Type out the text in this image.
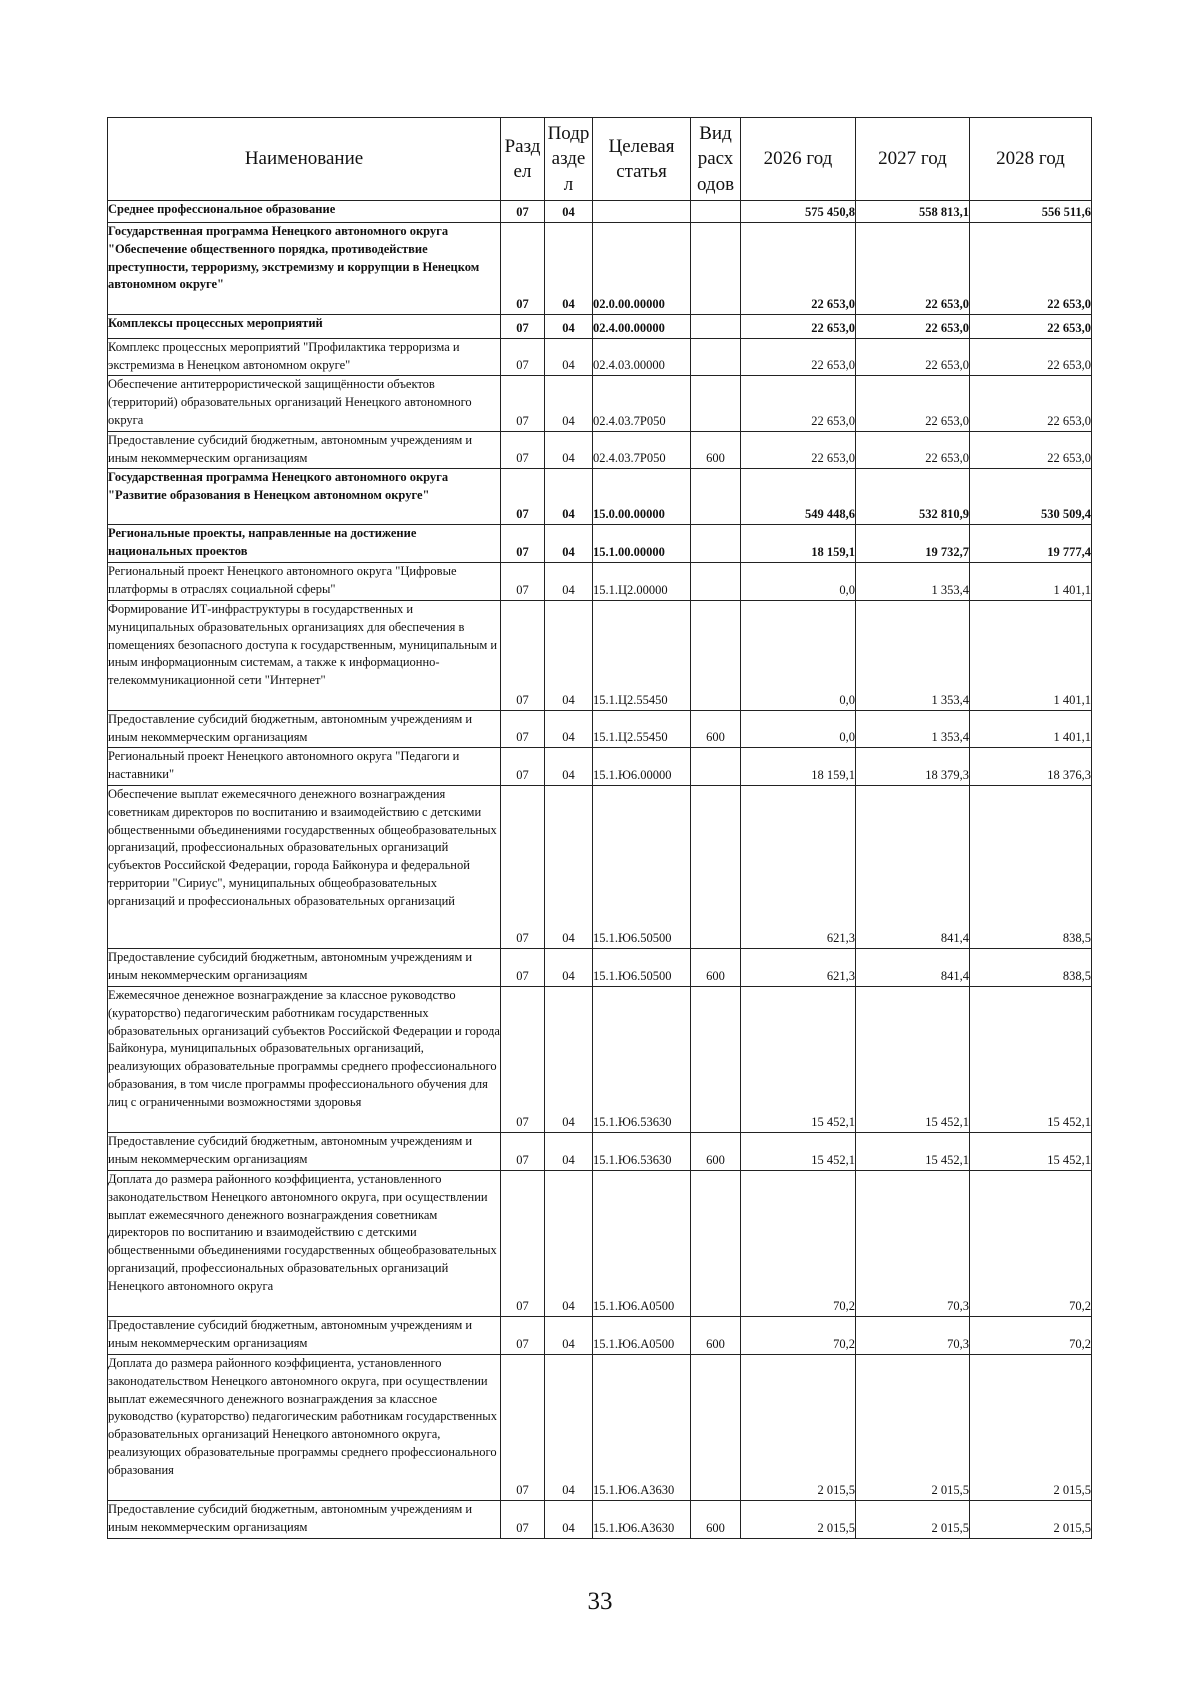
Наименование	Разд ел	Подр азде л	Целевая статья	Вид расх одов	2026 год	2027 год	2028 год
Среднее профессиональное образование	07	04			575 450,8	558 813,1	556 511,6
Государственная программа Ненецкого автономного округа "Обеспечение общественного порядка, противодействие преступности, терроризму, экстремизму и коррупции в Ненецком автономном округе"	07	04	02.0.00.00000		22 653,0	22 653,0	22 653,0
Комплексы процессных мероприятий	07	04	02.4.00.00000		22 653,0	22 653,0	22 653,0
Комплекс процессных мероприятий "Профилактика терроризма и экстремизма в Ненецком автономном округе"	07	04	02.4.03.00000		22 653,0	22 653,0	22 653,0
Обеспечение антитеррористической защищённости объектов (территорий) образовательных организаций Ненецкого автономного округа	07	04	02.4.03.7Р050		22 653,0	22 653,0	22 653,0
Предоставление субсидий бюджетным, автономным учреждениям и иным некоммерческим организациям	07	04	02.4.03.7Р050	600	22 653,0	22 653,0	22 653,0
Государственная программа Ненецкого автономного округа "Развитие образования в Ненецком автономном округе"	07	04	15.0.00.00000		549 448,6	532 810,9	530 509,4
Региональные проекты, направленные на достижение национальных проектов	07	04	15.1.00.00000		18 159,1	19 732,7	19 777,4
Региональный проект Ненецкого автономного округа "Цифровые платформы в отраслях социальной сферы"	07	04	15.1.Ц2.00000		0,0	1 353,4	1 401,1
Формирование ИТ-инфраструктуры в государственных и муниципальных образовательных организациях для обеспечения в помещениях безопасного доступа к государственным, муниципальным и иным информационным системам, а также к информационно-телекоммуникационной сети "Интернет"	07	04	15.1.Ц2.55450		0,0	1 353,4	1 401,1
Предоставление субсидий бюджетным, автономным учреждениям и иным некоммерческим организациям	07	04	15.1.Ц2.55450	600	0,0	1 353,4	1 401,1
Региональный проект Ненецкого автономного округа "Педагоги и наставники"	07	04	15.1.Ю6.00000		18 159,1	18 379,3	18 376,3
Обеспечение выплат ежемесячного денежного вознаграждения советникам директоров по воспитанию и взаимодействию с детскими общественными объединениями государственных общеобразовательных организаций, профессиональных образовательных организаций субъектов Российской Федерации, города Байконура и федеральной территории "Сириус", муниципальных общеобразовательных организаций и профессиональных образовательных организаций	07	04	15.1.Ю6.50500		621,3	841,4	838,5
Предоставление субсидий бюджетным, автономным учреждениям и иным некоммерческим организациям	07	04	15.1.Ю6.50500	600	621,3	841,4	838,5
Ежемесячное денежное вознаграждение за классное руководство (кураторство) педагогическим работникам государственных образовательных организаций субъектов Российской Федерации и города Байконура, муниципальных образовательных организаций, реализующих образовательные программы среднего профессионального образования, в том числе программы профессионального обучения для лиц с ограниченными возможностями здоровья	07	04	15.1.Ю6.53630		15 452,1	15 452,1	15 452,1
Предоставление субсидий бюджетным, автономным учреждениям и иным некоммерческим организациям	07	04	15.1.Ю6.53630	600	15 452,1	15 452,1	15 452,1
Доплата до размера районного коэффициента, установленного законодательством Ненецкого автономного округа, при осуществлении выплат ежемесячного денежного вознаграждения советникам директоров по воспитанию и взаимодействию с детскими общественными объединениями государственных общеобразовательных организаций, профессиональных образовательных организаций Ненецкого автономного округа	07	04	15.1.Ю6.А0500		70,2	70,3	70,2
Предоставление субсидий бюджетным, автономным учреждениям и иным некоммерческим организациям	07	04	15.1.Ю6.А0500	600	70,2	70,3	70,2
Доплата до размера районного коэффициента, установленного законодательством Ненецкого автономного округа, при осуществлении выплат ежемесячного денежного вознаграждения за классное руководство (кураторство) педагогическим работникам государственных образовательных организаций Ненецкого автономного округа, реализующих образовательные программы среднего профессионального образования	07	04	15.1.Ю6.А3630		2 015,5	2 015,5	2 015,5
Предоставление субсидий бюджетным, автономным учреждениям и иным некоммерческим организациям	07	04	15.1.Ю6.А3630	600	2 015,5	2 015,5	2 015,5
33
